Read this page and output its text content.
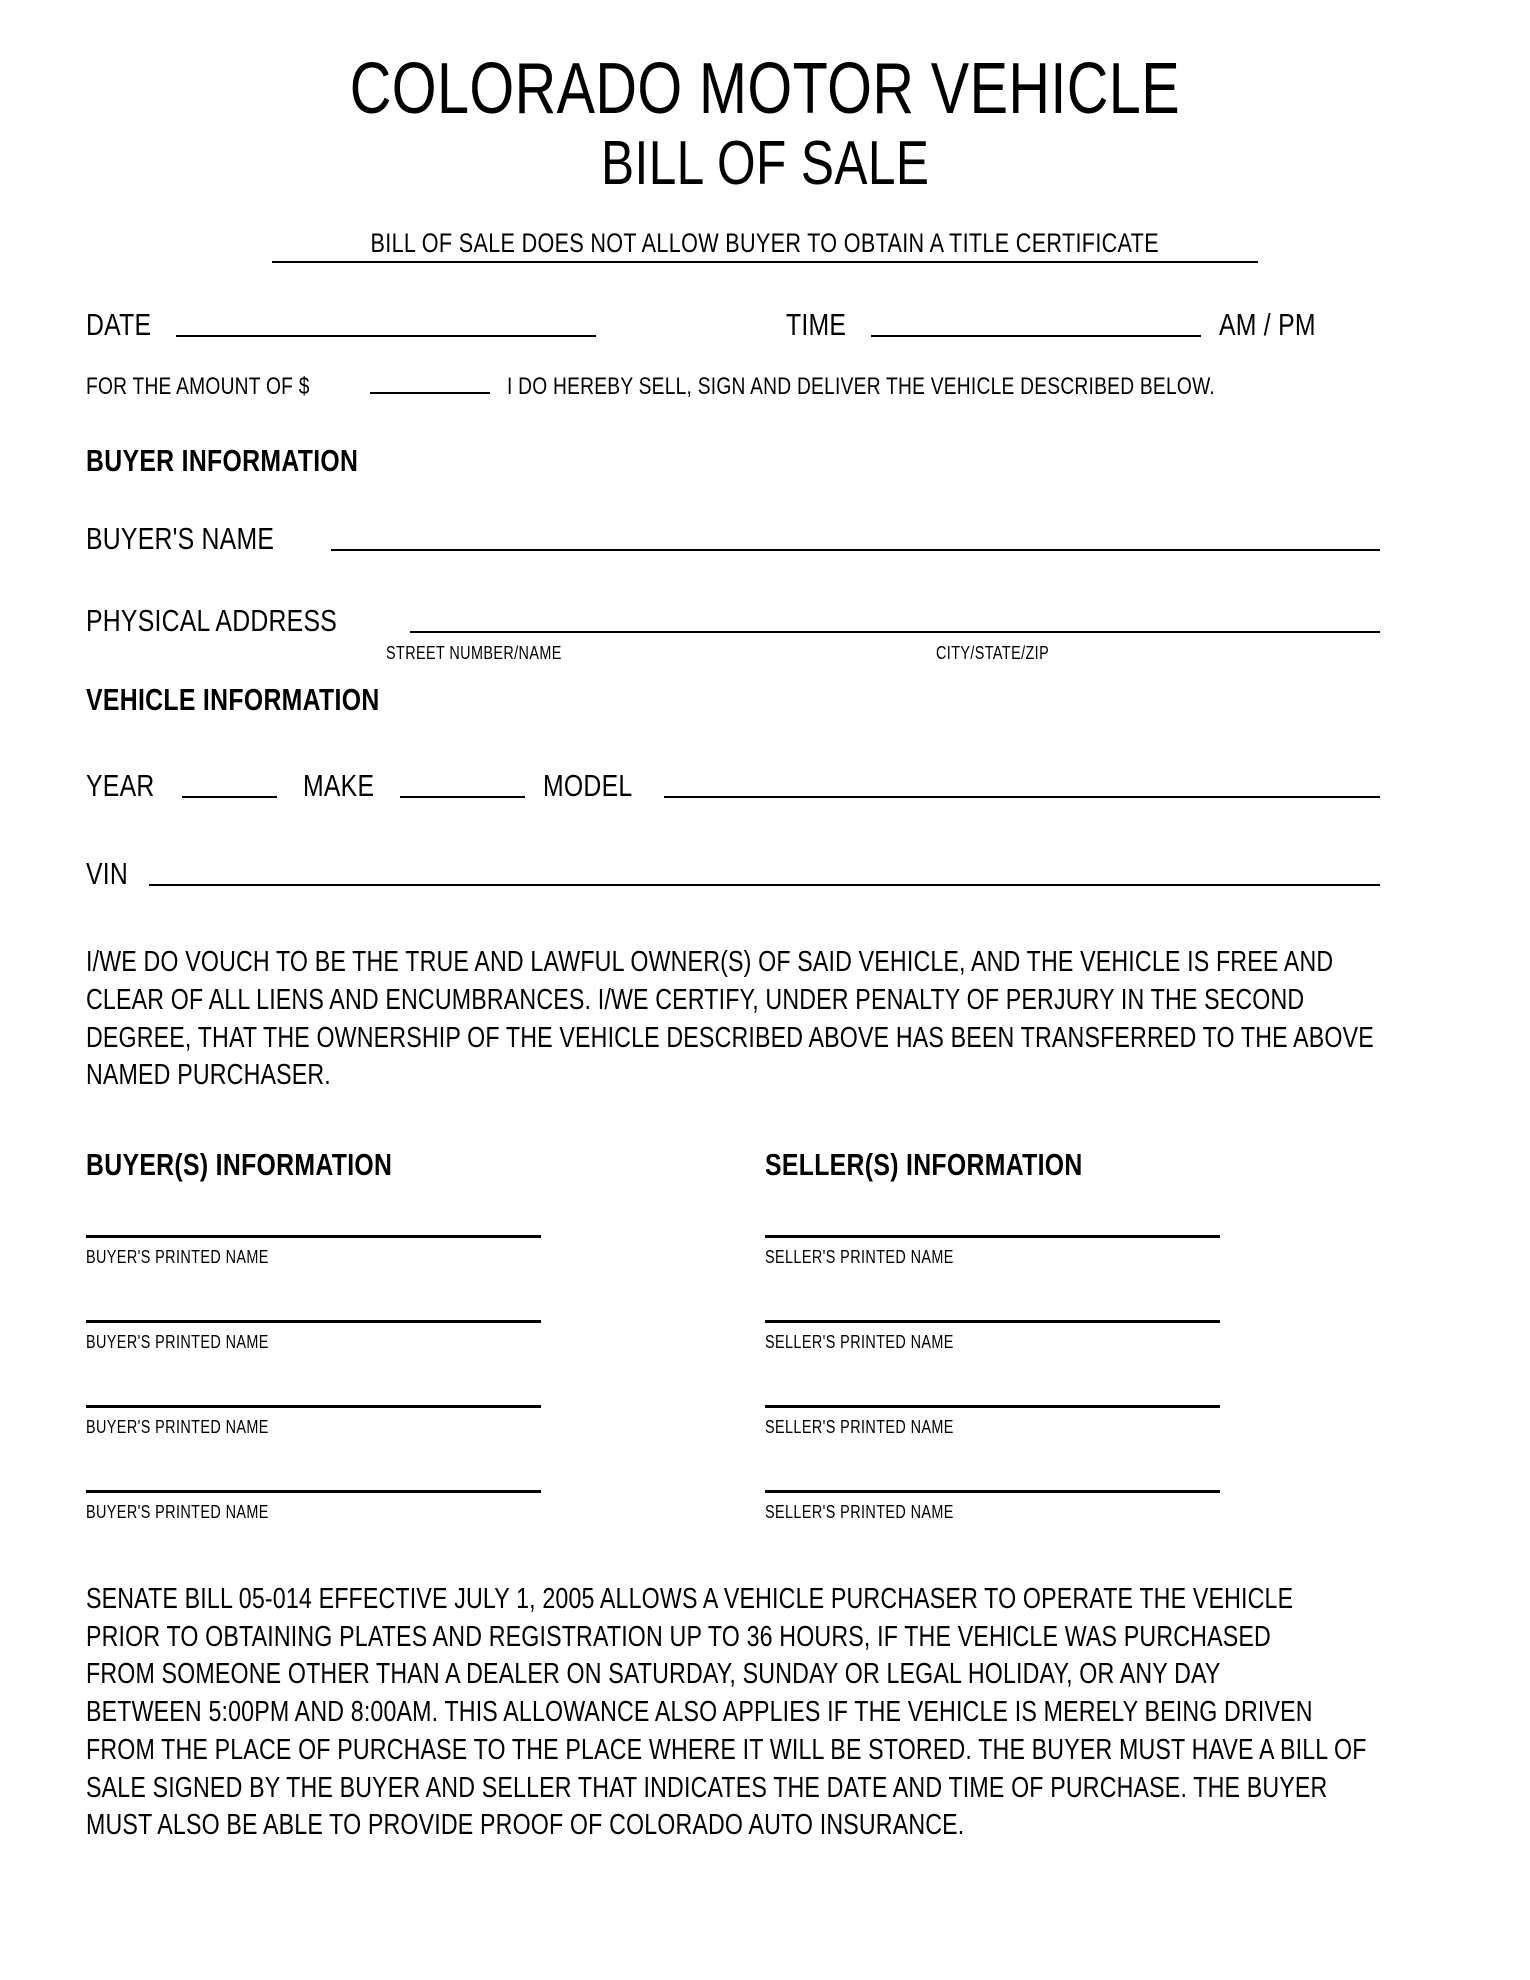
COLORADO MOTOR VEHICLE
BILL OF SALE
BILL OF SALE DOES NOT ALLOW BUYER TO OBTAIN A TITLE CERTIFICATE
DATE	TIME	AM / PM
FOR THE AMOUNT OF $	I DO HEREBY SELL, SIGN AND DELIVER THE VEHICLE DESCRIBED BELOW.
BUYER INFORMATION
BUYER'S NAME
PHYSICAL ADDRESS
STREET NUMBER/NAME	CITY/STATE/ZIP
VEHICLE INFORMATION
YEAR	MAKE	MODEL
VIN
I/WE DO VOUCH TO BE THE TRUE AND LAWFUL OWNER(S) OF SAID VEHICLE, AND THE VEHICLE IS FREE AND
CLEAR OF ALL LIENS AND ENCUMBRANCES. I/WE CERTIFY, UNDER PENALTY OF PERJURY IN THE SECOND
DEGREE, THAT THE OWNERSHIP OF THE VEHICLE DESCRIBED ABOVE HAS BEEN TRANSFERRED TO THE ABOVE
NAMED PURCHASER.
BUYER(S) INFORMATION	SELLER(S) INFORMATION
BUYER'S PRINTED NAME	SELLER'S PRINTED NAME
BUYER'S PRINTED NAME	SELLER'S PRINTED NAME
BUYER'S PRINTED NAME	SELLER'S PRINTED NAME
BUYER'S PRINTED NAME	SELLER'S PRINTED NAME
SENATE BILL 05-014 EFFECTIVE JULY 1, 2005 ALLOWS A VEHICLE PURCHASER TO OPERATE THE VEHICLE
PRIOR TO OBTAINING PLATES AND REGISTRATION UP TO 36 HOURS, IF THE VEHICLE WAS PURCHASED
FROM SOMEONE OTHER THAN A DEALER ON SATURDAY, SUNDAY OR LEGAL HOLIDAY, OR ANY DAY
BETWEEN 5:00PM AND 8:00AM. THIS ALLOWANCE ALSO APPLIES IF THE VEHICLE IS MERELY BEING DRIVEN
FROM THE PLACE OF PURCHASE TO THE PLACE WHERE IT WILL BE STORED. THE BUYER MUST HAVE A BILL OF
SALE SIGNED BY THE BUYER AND SELLER THAT INDICATES THE DATE AND TIME OF PURCHASE. THE BUYER
MUST ALSO BE ABLE TO PROVIDE PROOF OF COLORADO AUTO INSURANCE.
